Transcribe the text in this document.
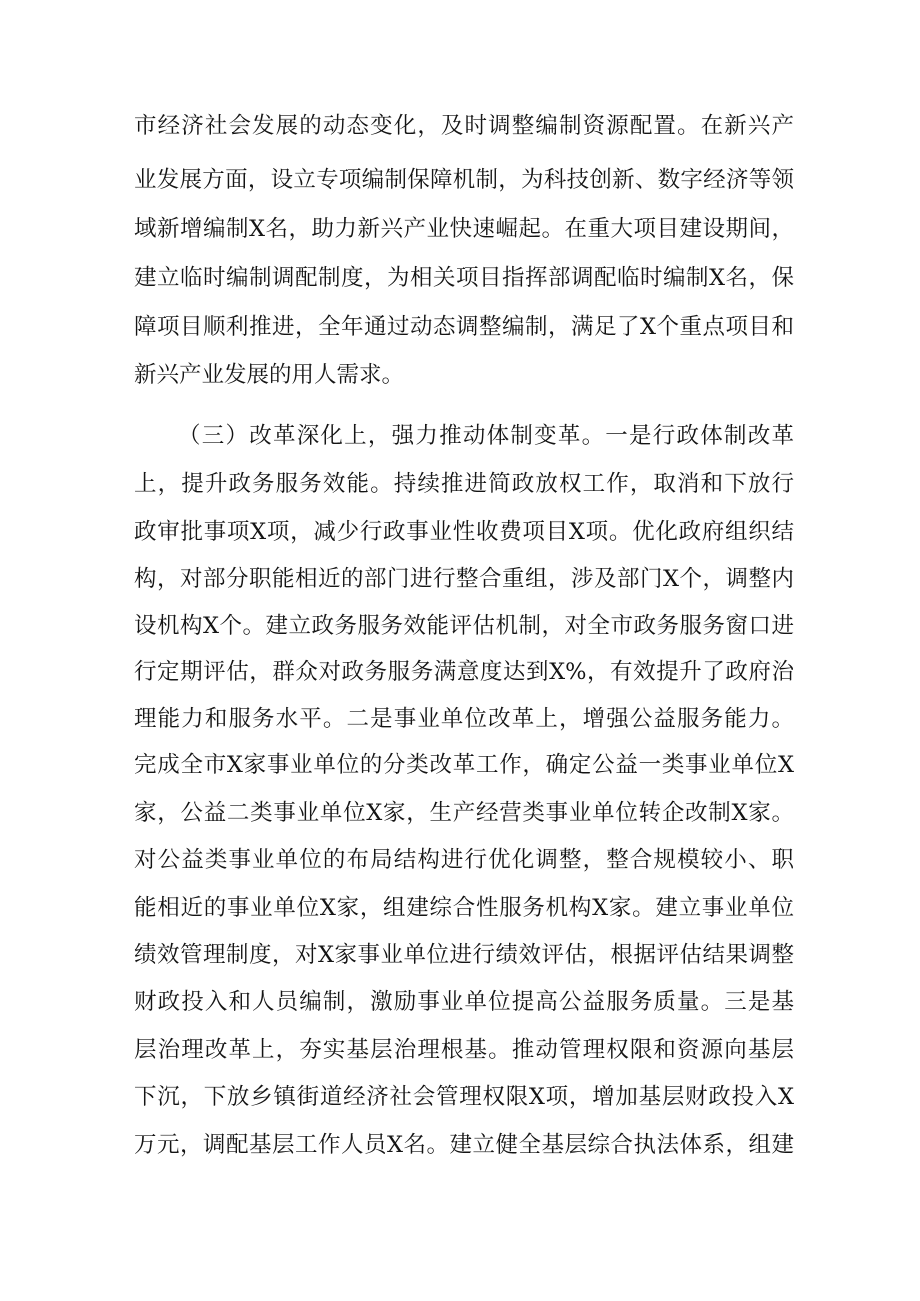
市经济社会发展的动态变化，及时调整编制资源配置。在新兴产
业发展方面，设立专项编制保障机制，为科技创新、数字经济等领
域新增编制X名，助力新兴产业快速崛起。在重大项目建设期间，
建立临时编制调配制度，为相关项目指挥部调配临时编制X名，保
障项目顺利推进，全年通过动态调整编制，满足了X个重点项目和
新兴产业发展的用人需求。
（三）改革深化上，强力推动体制变革。一是行政体制改革
上，提升政务服务效能。持续推进简政放权工作，取消和下放行
政审批事项X项，减少行政事业性收费项目X项。优化政府组织结
构，对部分职能相近的部门进行整合重组，涉及部门X个，调整内
设机构X个。建立政务服务效能评估机制，对全市政务服务窗口进
行定期评估，群众对政务服务满意度达到X%，有效提升了政府治
理能力和服务水平。二是事业单位改革上，增强公益服务能力。
完成全市X家事业单位的分类改革工作，确定公益一类事业单位X
家，公益二类事业单位X家，生产经营类事业单位转企改制X家。
对公益类事业单位的布局结构进行优化调整，整合规模较小、职
能相近的事业单位X家，组建综合性服务机构X家。建立事业单位
绩效管理制度，对X家事业单位进行绩效评估，根据评估结果调整
财政投入和人员编制，激励事业单位提高公益服务质量。三是基
层治理改革上，夯实基层治理根基。推动管理权限和资源向基层
下沉，下放乡镇街道经济社会管理权限X项，增加基层财政投入X
万元，调配基层工作人员X名。建立健全基层综合执法体系，组建
